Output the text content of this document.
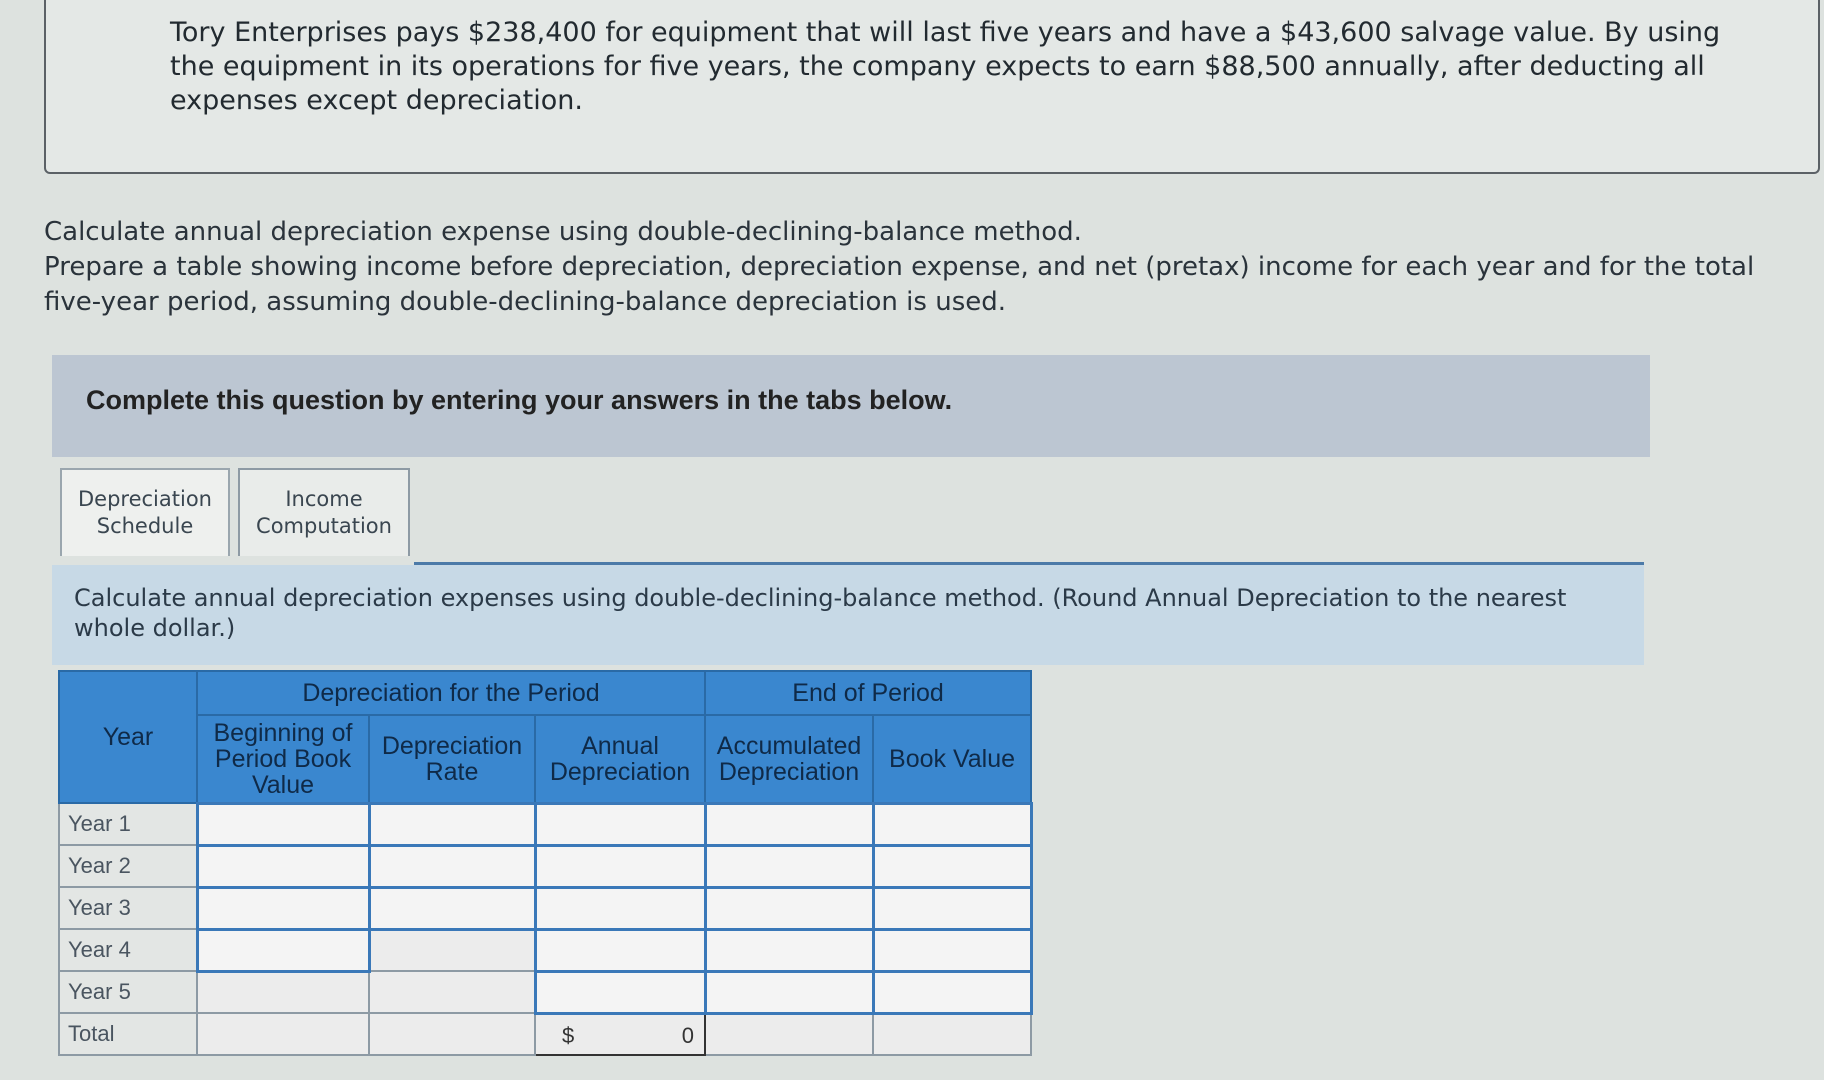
Tory Enterprises pays $238,400 for equipment that will last five years and have a $43,600 salvage value. By using the equipment in its operations for five years, the company expects to earn $88,500 annually, after deducting all expenses except depreciation.
Calculate annual depreciation expense using double-declining-balance method.
Prepare a table showing income before depreciation, depreciation expense, and net (pretax) income for each year and for the total five-year period, assuming double-declining-balance depreciation is used.
Complete this question by entering your answers in the tabs below.
Depreciation
Schedule
Income
Computation
Calculate annual depreciation expenses using double-declining-balance method. (Round Annual Depreciation to the nearest whole dollar.)
Year	Depreciation for the Period			End of Period	
	Beginning of Period Book Value	Depreciation Rate	Annual Depreciation	Accumulated Depreciation	Book Value
Year 1					
Year 2					
Year 3					
Year 4					
Year 5					
Total			$ 0		
